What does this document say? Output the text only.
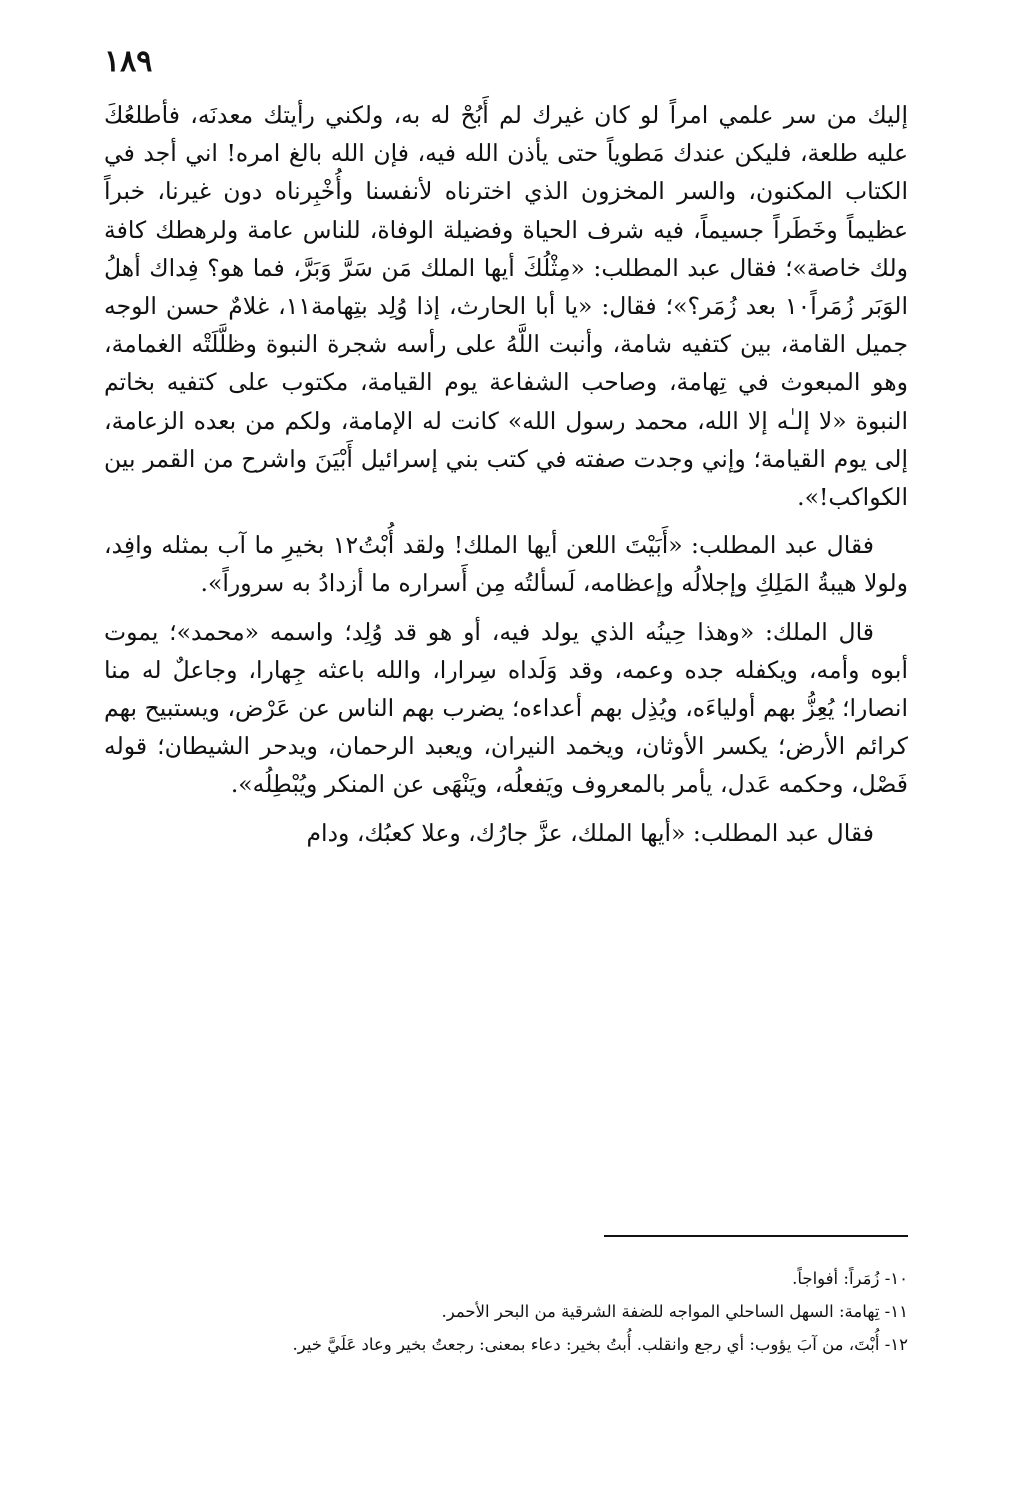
١٨٩

إليك من سر علمي امراً لو كان غيرك لم أَبُحْ له به، ولكني رأيتك معدنَه، فأطلعُكَ عليه طلعة، فليكن عندك مَطوياً حتى يأذن الله فيه، فإن الله بالغ امره! اني أجد في الكتاب المكنون، والسر المخزون الذي اخترناه لأنفسنا وأُخْبِرناه دون غيرنا، خبراً عظيماً وخَطَراً جسيماً، فيه شرف الحياة وفضيلة الوفاة، للناس عامة ولرهطك كافة ولك خاصة»؛ فقال عبد المطلب: «مِثْلُكَ أيها الملك مَن سَرَّ وَبَرَّ، فما هو؟ فِداك أهلُ الوَبَر زُمَراً١٠ بعد زُمَر؟»؛ فقال: «يا أبا الحارث، إذا وُلِد بتِهامة١١، غلامٌ حسن الوجه جميل القامة، بين كتفيه شامة، وأنبت اللَّهُ على رأسه شجرة النبوة وظلَّلَتْه الغمامة، وهو المبعوث في تِهامة، وصاحب الشفاعة يوم القيامة، مكتوب على كتفيه بخاتم النبوة «لا إلـٰه إلا الله، محمد رسول الله» كانت له الإمامة، ولكم من بعده الزعامة، إلى يوم القيامة؛ وإني وجدت صفته في كتب بني إسرائيل أَبْيَنَ واشرح من القمر بين الكواكب!».

فقال عبد المطلب: «أَبَيْتَ اللعن أيها الملك! ولقد أُبْتُ١٢ بخيرِ ما آب بمثله وافِد، ولولا هيبةُ المَلِكِ وإجلالُه وإعظامه، لَسألتُه مِن أَسراره ما أزدادُ به سروراً».

قال الملك: «وهذا حِينُه الذي يولد فيه، أو هو قد وُلِد؛ واسمه «محمد»؛ يموت أبوه وأمه، ويكفله جده وعمه، وقد وَلَداه سِرارا، والله باعثه جِهارا، وجاعلٌ له منا انصارا؛ يُعِزُّ بهم أولياءَه، ويُذِل بهم أعداءه؛ يضرب بهم الناس عن عَرْض، ويستبيح بهم كرائم الأرض؛ يكسر الأوثان، ويخمد النيران، ويعبد الرحمان، ويدحر الشيطان؛ قوله فَصْل، وحكمه عَدل، يأمر بالمعروف ويَفعلُه، ويَنْهَى عن المنكر ويُبْطِلُه».

فقال عبد المطلب: «أيها الملك، عزَّ جارُك، وعلا كعبُك، ودام

١٠- زُمَراً: أفواجاً.

١١- تِهامة: السهل الساحلي المواجه للضفة الشرقية من البحر الأحمر.

١٢- أُبْتَ، من آبَ يؤوب: أي رجع وانقلب. أُبتُ بخير: دعاء بمعنى: رجعتُ بخير وعاد عَلَيَّ خير.
